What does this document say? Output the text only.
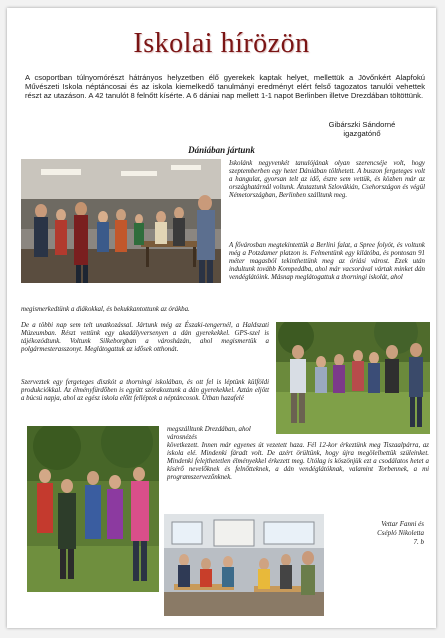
Iskolai hírözön
A csoportban túlnyomórészt hátrányos helyzetben élő gyerekek kaptak helyet, mellettük a Jövőnkért Alapfokú Művészeti Iskola néptáncosai és az iskola kiemelkedő tanulmányi eredményt elért felső tagozatos tanulói vehettek részt az utazáson. A 42 tanulót 8 felnőtt kísérte. A 6 dániai nap mellett 1-1 napot Berlinben illetve Drezdában töltöttünk.
Gibárszki Sándorné
igazgatónő
Dániában jártunk
Iskolánk negyvenkét tanulójának olyan szerencséje volt, hogy szeptemberben egy hetet Dániában tölthetett. A buszon fergeteges volt a hangulat, gyorsan telt az idő, észre sem vettük, és közben már az országhatárnál voltunk. Átutaztunk Szlovákián, Csehországon és végül Németországban, Berlinben szálltunk meg.
A fővárosban megtekintettük a Berlini falat, a Spree folyót, és voltunk még a Potzdamer platzon is. Felmentünk egy kilátóba, és pontosan 91 méter magasból tekinthettünk meg az óriási várost. Ezek után indultunk tovább Kompeddba, ahol már vacsorával vártak minket dán vendéglátóink. Másnap meglátogattuk a thorningi iskolát, ahol
megismerkedtünk a diákokkal, és bekukkantottunk az órákba.
De a többi nap sem telt unatkozással. Jártunk még az Északi-tengernél, a Haldszati Múzeumban. Részt vettünk egy akadályversenyen a dán gyerekekkel. GPS-szel is tájékozódtunk. Voltunk Silkeborgban a városházán, ahol megismertük a polgármesterasszonyt. Meglátogattuk az idősek otthonát.
Szerveztek egy fergeteges diszkót a thorningi iskolában, és ott fel is léptünk külföldi produkciókkal. Az élményfürdőben is együtt szórakoztunk a dán gyerekekkel. Aztán eljött a búcsú napja, ahol az egész iskola előtt felléptek a néptáncosok. Útban hazafelé
megszálltunk Drezdában, ahol városnézés
következett. Innen már egyenes út vezetett haza. Fél 12-kor érkeztünk meg Tiszaalpárra, az iskola elé. Mindenki fáradt volt. De azért örültünk, hogy újra megölelhettük szüleinket. Mindenki felejthetetlen élményekkel érkezett meg. Utólag is köszönjük ezt a csodálatos hetet a kísérő nevelőknek és felnőtteknek, a dán vendéglátóknak, valamint Torbennek, a mi programszervezőnknek.
Vettar Fanni és
Csépló Nikoletta
7. b
